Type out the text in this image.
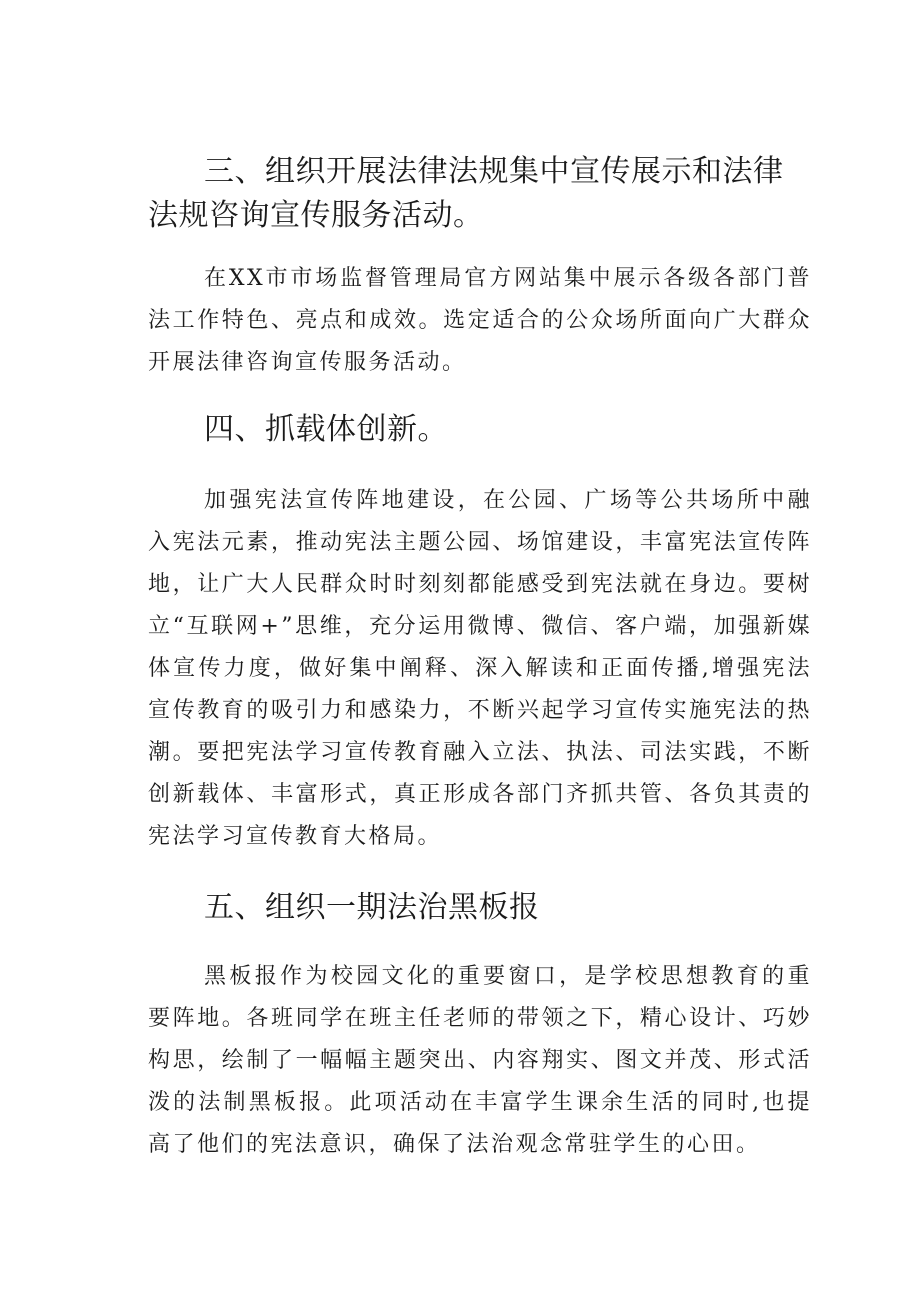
三、组织开展法律法规集中宣传展示和法律法规咨询宣传服务活动。

在XX市市场监督管理局官方网站集中展示各级各部门普法工作特色、亮点和成效。选定适合的公众场所面向广大群众开展法律咨询宣传服务活动。

四、抓载体创新。

加强宪法宣传阵地建设，在公园、广场等公共场所中融入宪法元素，推动宪法主题公园、场馆建设，丰富宪法宣传阵地，让广大人民群众时时刻刻都能感受到宪法就在身边。要树立“互联网+”思维，充分运用微博、微信、客户端，加强新媒体宣传力度，做好集中阐释、深入解读和正面传播,增强宪法宣传教育的吸引力和感染力，不断兴起学习宣传实施宪法的热潮。要把宪法学习宣传教育融入立法、执法、司法实践，不断创新载体、丰富形式，真正形成各部门齐抓共管、各负其责的宪法学习宣传教育大格局。

五、组织一期法治黑板报

黑板报作为校园文化的重要窗口，是学校思想教育的重要阵地。各班同学在班主任老师的带领之下，精心设计、巧妙构思，绘制了一幅幅主题突出、内容翔实、图文并茂、形式活泼的法制黑板报。此项活动在丰富学生课余生活的同时,也提高了他们的宪法意识，确保了法治观念常驻学生的心田。
